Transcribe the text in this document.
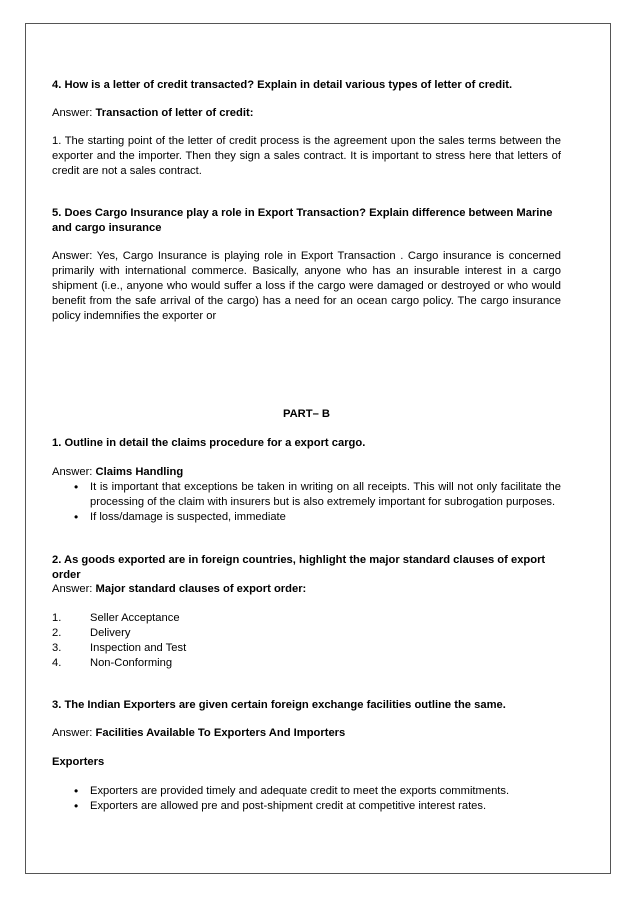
4. How is a letter of credit transacted? Explain in detail various types of letter of credit.

Answer: Transaction of letter of credit:

1. The starting point of the letter of credit process is the agreement upon the sales terms between the exporter and the importer. Then they sign a sales contract. It is important to stress here that letters of credit are not a sales contract.

5. Does Cargo Insurance play a role in Export Transaction? Explain difference between Marine and cargo insurance

Answer: Yes, Cargo Insurance is playing role in Export Transaction . Cargo insurance is concerned primarily with international commerce. Basically, anyone who has an insurable interest in a cargo shipment (i.e., anyone who would suffer a loss if the cargo were damaged or destroyed or who would benefit from the safe arrival of the cargo) has a need for an ocean cargo policy. The cargo insurance policy indemnifies the exporter or

PART– B

1. Outline in detail the claims procedure for a export cargo.

Answer: Claims Handling

• It is important that exceptions be taken in writing on all receipts. This will not only facilitate the processing of the claim with insurers but is also extremely important for subrogation purposes.
• If loss/damage is suspected, immediate

2. As goods exported are in foreign countries, highlight the major standard clauses of export order

Answer: Major standard clauses of export order:

1.	Seller Acceptance
2.	Delivery
3.	Inspection and Test
4.	Non-Conforming

3. The Indian Exporters are given certain foreign exchange facilities outline the same.

Answer: Facilities Available To Exporters And Importers

Exporters

• Exporters are provided timely and adequate credit to meet the exports commitments.
• Exporters are allowed pre and post-shipment credit at competitive interest rates.
